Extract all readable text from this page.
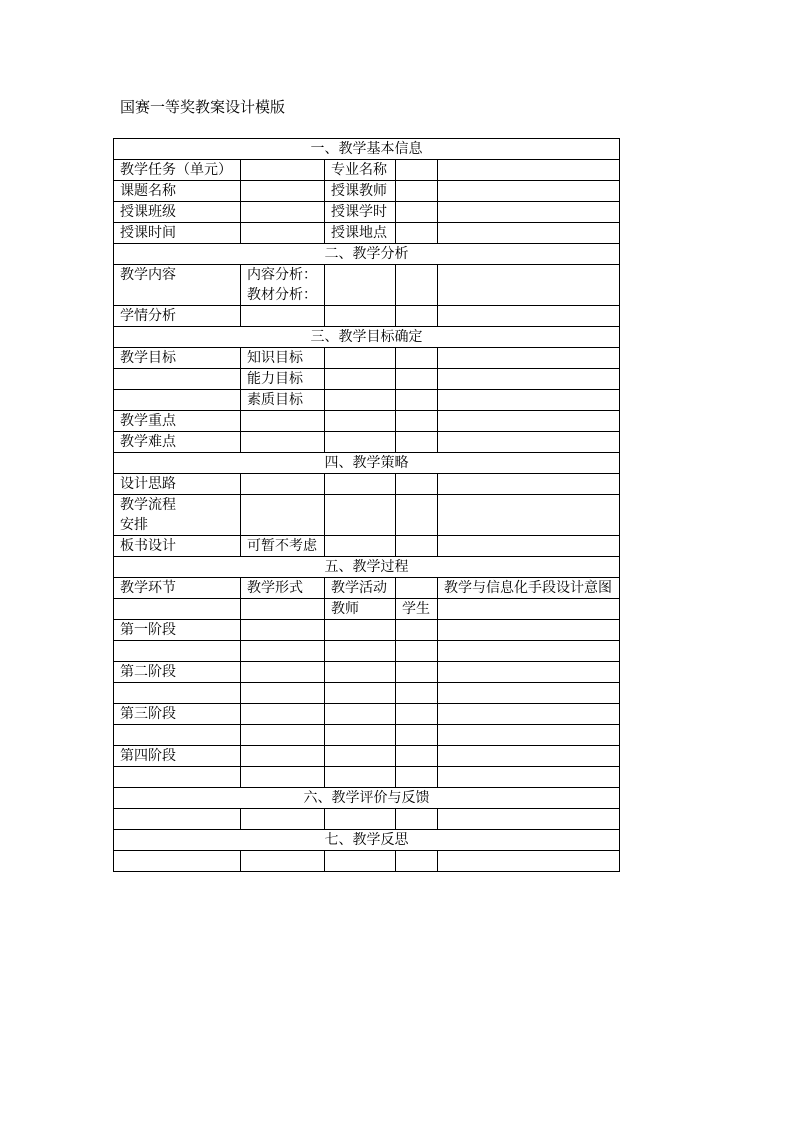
国赛一等奖教案设计模版
一、教学基本信息				
教学任务（单元）		专业名称		
课题名称		授课教师		
授课班级		授课学时		
授课时间		授课地点		
二、教学分析				
教学内容	内容分析：
教材分析：			

学情分析				
三、教学目标确定				
教学目标	知识目标			
	能力目标			
	素质目标			
教学重点				
教学难点				
四、教学策略				
设计思路				

教学流程
安排				

板书设计	可暂不考虑			
五、教学过程				
教学环节	教学形式	教学活动		教学与信息化手段设计意图
		教师	学生	
第一阶段				

第二阶段				

第三阶段				

第四阶段				

六、教学评价与反馈				

七、教学反思				
